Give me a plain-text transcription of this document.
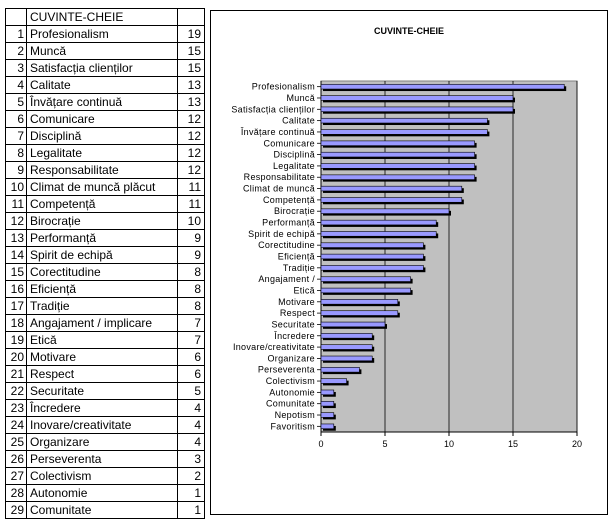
	CUVINTE-CHEIE	
1	Profesionalism	19
2	Muncă	15
3	Satisfacția clienților	15
4	Calitate	13
5	Învățare continuă	13
6	Comunicare	12
7	Disciplină	12
8	Legalitate	12
9	Responsabilitate	12
10	Climat de muncă plăcut	11
11	Competență	11
12	Birocrație	10
13	Performanță	9
14	Spirit de echipă	9
15	Corectitudine	8
16	Eficiență	8
17	Tradiție	8
18	Angajament / implicare	7
19	Etică	7
20	Motivare	6
21	Respect	6
22	Securitate	5
23	Încredere	4
24	Inovare/creativitate	4
25	Organizare	4
26	Perseverenta	3
27	Colectivism	2
28	Autonomie	1
29	Comunitate	1
CUVINTE-CHEIE
0	5	10	15	20
Profesionalism
Muncă
Satisfacția clienților
Calitate
Învățare continuă
Comunicare
Disciplină
Legalitate
Responsabilitate
Climat de muncă
Competență
Birocrație
Performanță
Spirit de echipă
Corectitudine
Eficiență
Tradiție
Angajament /
Etică
Motivare
Respect
Securitate
Încredere
Inovare/creativitate
Organizare
Perseverenta
Colectivism
Autonomie
Comunitate
Nepotism
Favoritism
